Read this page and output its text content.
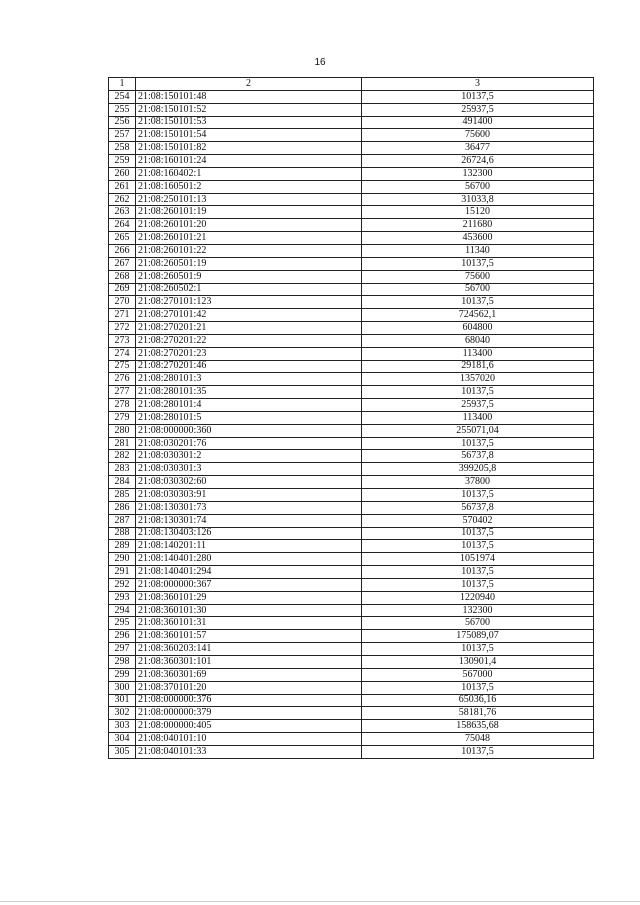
16
1	2	3
254	21:08:150101:48	10137,5
255	21:08:150101:52	25937,5
256	21:08:150101:53	491400
257	21:08:150101:54	75600
258	21:08:150101:82	36477
259	21:08:160101:24	26724,6
260	21:08:160402:1	132300
261	21:08:160501:2	56700
262	21:08:250101:13	31033,8
263	21:08:260101:19	15120
264	21:08:260101:20	211680
265	21:08:260101:21	453600
266	21:08:260101:22	11340
267	21:08:260501:19	10137,5
268	21:08:260501:9	75600
269	21:08:260502:1	56700
270	21:08:270101:123	10137,5
271	21:08:270101:42	724562,1
272	21:08:270201:21	604800
273	21:08:270201:22	68040
274	21:08:270201:23	113400
275	21:08:270201:46	29181,6
276	21:08:280101:3	1357020
277	21:08:280101:35	10137,5
278	21:08:280101:4	25937,5
279	21:08:280101:5	113400
280	21:08:000000:360	255071,04
281	21:08:030201:76	10137,5
282	21:08:030301:2	56737,8
283	21:08:030301:3	399205,8
284	21:08:030302:60	37800
285	21:08:030303:91	10137,5
286	21:08:130301:73	56737,8
287	21:08:130301:74	570402
288	21:08:130403:126	10137,5
289	21:08:140201:11	10137,5
290	21:08:140401:280	1051974
291	21:08:140401:294	10137,5
292	21:08:000000:367	10137,5
293	21:08:360101:29	1220940
294	21:08:360101:30	132300
295	21:08:360101:31	56700
296	21:08:360101:57	175089,07
297	21:08:360203:141	10137,5
298	21:08:360301:101	130901,4
299	21:08:360301:69	567000
300	21:08:370101:20	10137,5
301	21:08:000000:376	65036,16
302	21:08:000000:379	58181,76
303	21:08:000000:405	158635,68
304	21:08:040101:10	75048
305	21:08:040101:33	10137,5
